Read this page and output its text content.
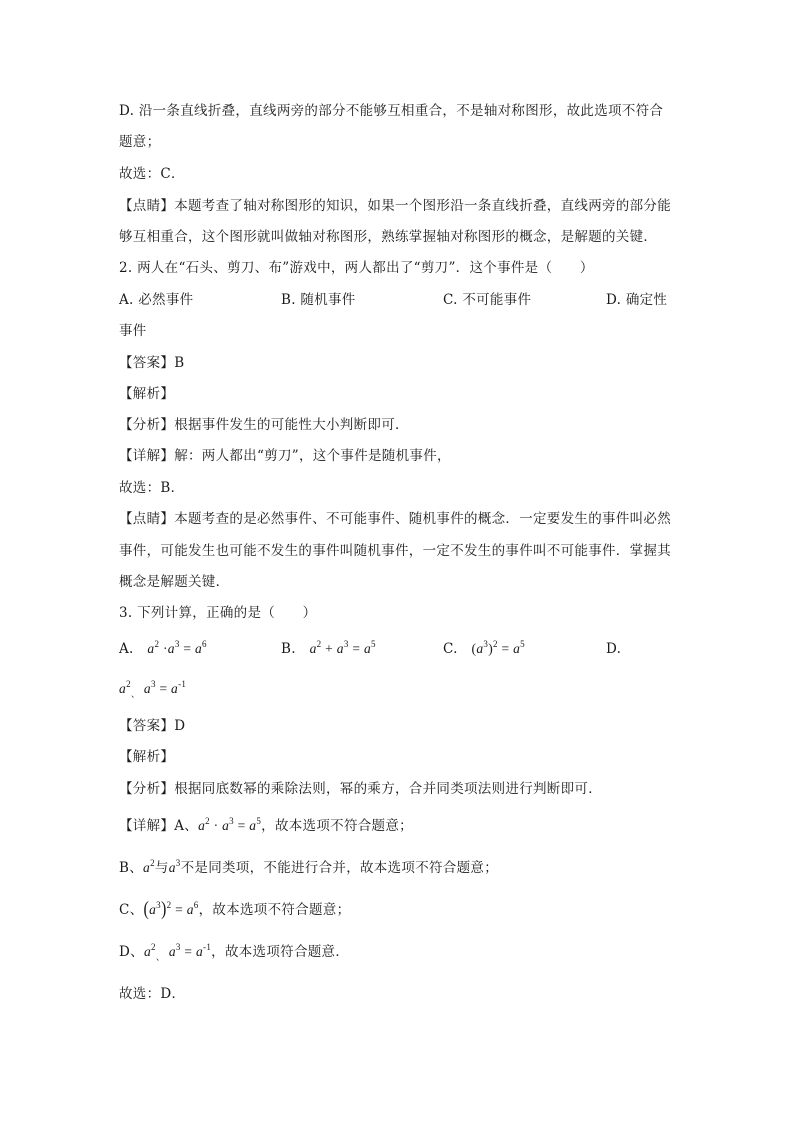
D. 沿一条直线折叠，直线两旁的部分不能够互相重合，不是轴对称图形，故此选项不符合
题意；
故选：C．
【点睛】本题考查了轴对称图形的知识，如果一个图形沿一条直线折叠，直线两旁的部分能
够互相重合，这个图形就叫做轴对称图形，熟练掌握轴对称图形的概念，是解题的关键．
2. 两人在“石头、剪刀、布”游戏中，两人都出了“剪刀”．这个事件是（　　）
A. 必然事件	B. 随机事件	C. 不可能事件	D. 确定性
事件
【答案】B
【解析】
【分析】根据事件发生的可能性大小判断即可．
【详解】解：两人都出“剪刀”，这个事件是随机事件，
故选：B．
【点睛】本题考查的是必然事件、不可能事件、随机事件的概念．一定要发生的事件叫必然
事件，可能发生也可能不发生的事件叫随机事件，一定不发生的事件叫不可能事件．掌握其
概念是解题关键．
3. 下列计算，正确的是（　　）
A. $a^2 \cdot a^3 = a^6$	B. $a^2 + a^3 = a^5$	C. $(a^3)^2 = a^5$	D.
$a^2_、$ $a^3 = a^{-1}$
【答案】D
【解析】
【分析】根据同底数幂的乘除法则，幂的乘方，合并同类项法则进行判断即可．
【详解】A、$a^2 \cdot a^3 = a^5$，故本选项不符合题意；
B、$a^2$与$a^3$不是同类项，不能进行合并，故本选项不符合题意；
C、$(a^3)^2 = a^6$，故本选项不符合题意；
D、$a^2_、$ $a^3 = a^{-1}$，故本选项符合题意．
故选：D．
